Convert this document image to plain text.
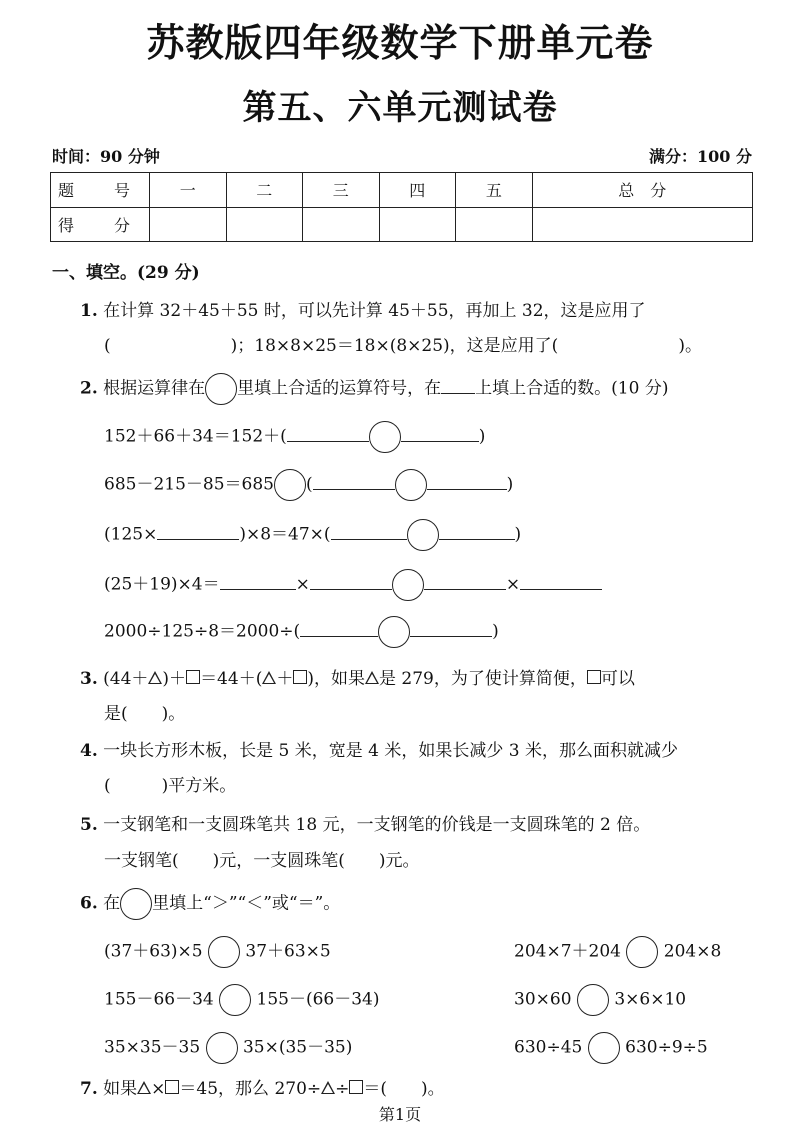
苏教版四年级数学下册单元卷
第五、六单元测试卷
时间：90 分钟	满分：100 分
题　号	一	二	三	四	五	总　分
得　分						
一、填空。(29 分)
1. 在计算 32＋45＋55 时，可以先计算 45＋55，再加上 32，这是应用了
(	)；18×8×25＝18×(8×25)，这是应用了(	)。
2. 根据运算律在 里填上合适的运算符号，在 上填上合适的数。(10 分)
152＋66＋34＝152＋(	)
685－215－85＝685 (	)
(125×	)×8＝47×(	)
(25＋19)×4＝	×	×
2000÷125÷8＝2000÷(	)
3. (44＋ )＋ ＝44＋( ＋ )，如果 是 279，为了使计算简便， 可以
是(　　)。
4. 一块长方形木板，长是 5 米，宽是 4 米，如果长减少 3 米，那么面积就减少
(　　　)平方米。
5. 一支钢笔和一支圆珠笔共 18 元，一支钢笔的价钱是一支圆珠笔的 2 倍。
一支钢笔(　　)元，一支圆珠笔(　　)元。
6. 在 里填上“＞”“＜”或“＝”。
(37＋63)×5	37＋63×5	204×7＋204	204×8
155－66－34	155－(66－34)	30×60	3×6×10
35×35－35	35×(35－35)	630÷45	630÷9÷5
7. 如果 × ＝45，那么 270÷ ÷ ＝(　　)。
第1页
